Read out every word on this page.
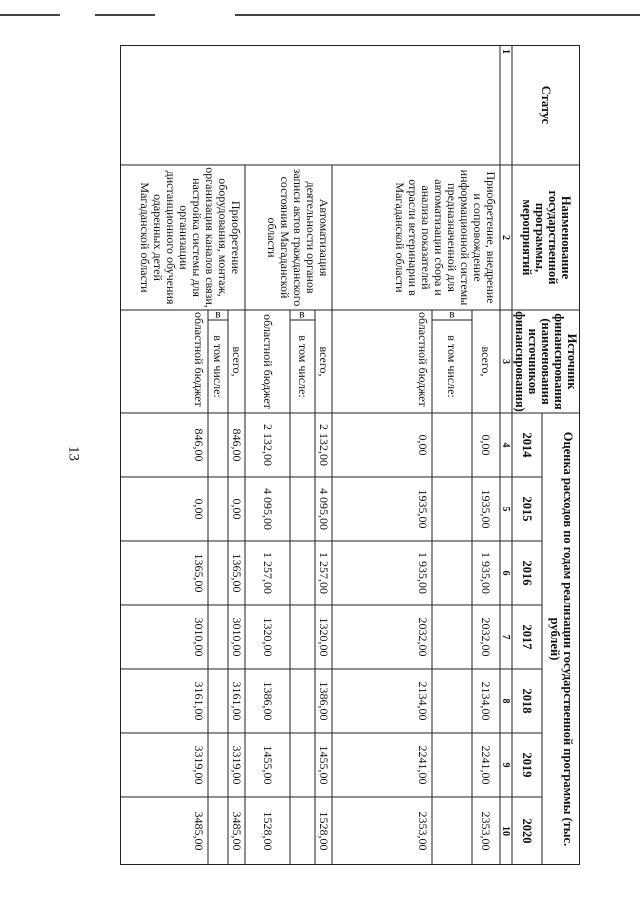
13
Статус
Наименование государственной программы, мероприятий
Источник финансирования (наименования источников финансирования)
Оценка расходов по годам реализации государственной программы (тыс. рублей)
2014
2015
2016
2017
2018
2019
2020
1
2
3
4
5
6
7
8
9
10
Приобретение, внедрение и сопровождение информационной системы предназначенной для автоматизации сбора и анализа показателей отрасли ветеринарии в Магаданской области
всего,
в
в том числе:
областной бюджет
0,00
1935,00
1 935,00
2032,00
2134,00
2241,00
2353,00
0,00
1935,00
1 935,00
2032,00
2134,00
2241,00
2353,00
Автоматизация деятельности органов записи актов гражданского состояния Магаданской области
всего,
в
в том числе:
областной бюджет
2 132,00
4 095,00
1 257,00
1320,00
1386,00
1455,00
1528,00
2 132,00
4 095,00
1 257,00
1320,00
1386,00
1455,00
1528,00
Приобретение оборудования, монтаж, организация каналов связи, настройка системы для организации дистанционного обучения одаренных детей Магаданской области
всего,
в
в том числе:
областной бюджет
846,00
0,00
1365,00
3010,00
3161,00
3319,00
3485,00
846,00
0,00
1365,00
3010,00
3161,00
3319,00
3485,00
